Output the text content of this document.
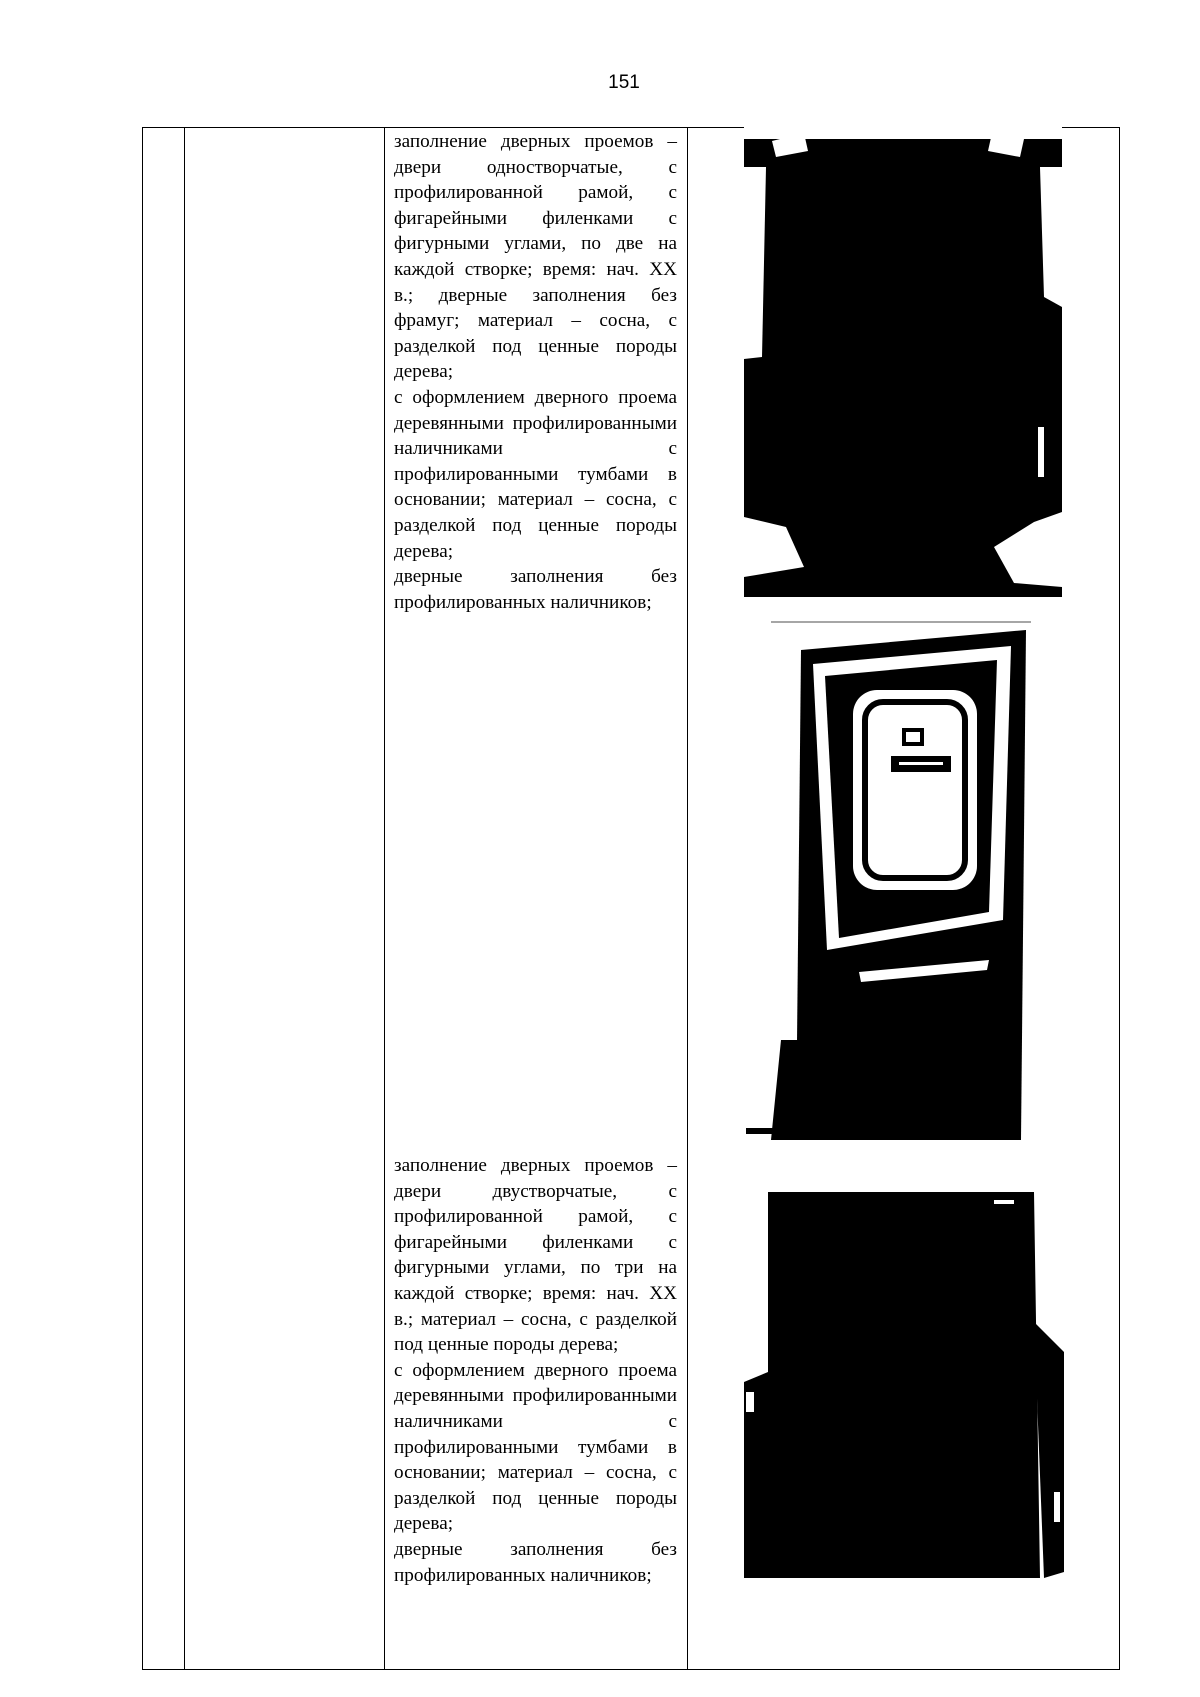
151

заполнение дверных проемов – двери одностворчатые, с профилированной рамой, с фигарейными филенками с фигурными углами, по две на каждой створке; время: нач. XX в.; дверные заполнения без фрамуг; материал – сосна, с разделкой под ценные породы дерева;

с оформлением дверного проема деревянными профилированными наличниками с профилированными тумбами в основании; материал – сосна, с разделкой под ценные породы дерева;

дверные заполнения без профилированных наличников;

заполнение дверных проемов – двери двустворчатые, с профилированной рамой, с фигарейными филенками с фигурными углами, по три на каждой створке; время: нач. XX в.; материал – сосна, с разделкой под ценные породы дерева;

с оформлением дверного проема деревянными профилированными наличниками с профилированными тумбами в основании; материал – сосна, с разделкой под ценные породы дерева;

дверные заполнения без профилированных наличников;
